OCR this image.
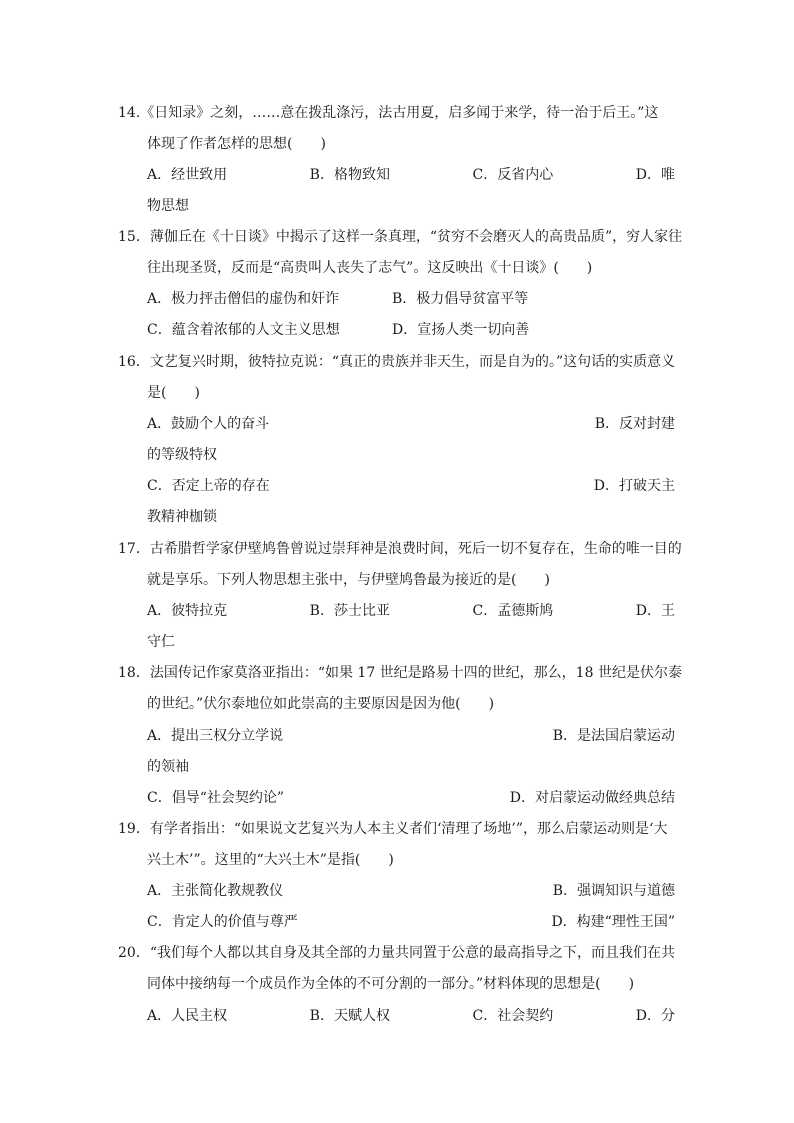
14.《日知录》之刻，……意在拨乱涤污，法古用夏，启多闻于来学，待一治于后王。”这
体现了作者怎样的思想(　　)
A．经世致用	B．格物致知	C．反省内心	D．唯
物思想
15．薄伽丘在《十日谈》中揭示了这样一条真理，“贫穷不会磨灭人的高贵品质”，穷人家往
往出现圣贤，反而是“高贵叫人丧失了志气”。这反映出《十日谈》(　　)
A．极力抨击僧侣的虚伪和奸诈	B．极力倡导贫富平等
C．蕴含着浓郁的人文主义思想	D．宣扬人类一切向善
16．文艺复兴时期，彼特拉克说：“真正的贵族并非天生，而是自为的。”这句话的实质意义
是(　　)
A．鼓励个人的奋斗	B．反对封建
的等级特权
C．否定上帝的存在	D．打破天主
教精神枷锁
17．古希腊哲学家伊壁鸠鲁曾说过崇拜神是浪费时间，死后一切不复存在，生命的唯一目的
就是享乐。下列人物思想主张中，与伊壁鸠鲁最为接近的是(　　)
A．彼特拉克	B．莎士比亚	C．孟德斯鸠	D．王
守仁
18．法国传记作家莫洛亚指出：“如果 17 世纪是路易十四的世纪，那么，18 世纪是伏尔泰
的世纪。”伏尔泰地位如此崇高的主要原因是因为他(　　)
A．提出三权分立学说	B．是法国启蒙运动
的领袖
C．倡导“社会契约论”	D．对启蒙运动做经典总结
19．有学者指出：“如果说文艺复兴为人本主义者们‘清理了场地’”，那么启蒙运动则是‘大
兴土木’”。这里的“大兴土木”是指(　　)
A．主张简化教规教仪	B．强调知识与道德
C．肯定人的价值与尊严	D．构建“理性王国”
20．“我们每个人都以其自身及其全部的力量共同置于公意的最高指导之下，而且我们在共
同体中接纳每一个成员作为全体的不可分割的一部分。”材料体现的思想是(　　)
A．人民主权	B．天赋人权	C．社会契约	D．分
